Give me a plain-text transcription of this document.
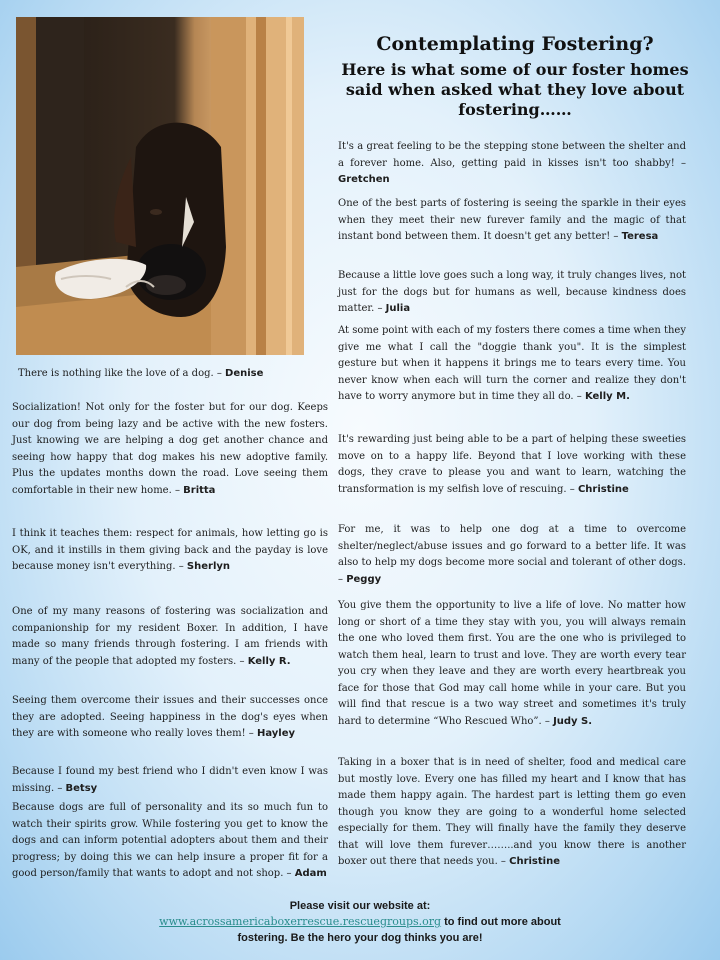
Contemplating Fostering?
Here is what some of our foster homes said when asked what they love about fostering……
There is nothing like the love of a dog. – Denise
Socialization! Not only for the foster but for our dog. Keeps our dog from being lazy and be active with the new fosters. Just knowing we are helping a dog get another chance and seeing how happy that dog makes his new adoptive family. Plus the updates months down the road. Love seeing them comfortable in their new home. – Britta
I think it teaches them: respect for animals, how letting go is OK, and it instills in them giving back and the payday is love because money isn't everything. – Sherlyn
One of my many reasons of fostering was socialization and companionship for my resident Boxer. In addition, I have made so many friends through fostering. I am friends with many of the people that adopted my fosters. – Kelly R.
Seeing them overcome their issues and their successes once they are adopted. Seeing happiness in the dog's eyes when they are with someone who really loves them! – Hayley
Because I found my best friend who I didn't even know I was missing. – Betsy
Because dogs are full of personality and its so much fun to watch their spirits grow. While fostering you get to know the dogs and can inform potential adopters about them and their progress; by doing this we can help insure a proper fit for a good person/family that wants to adopt and not shop. – Adam
It's a great feeling to be the stepping stone between the shelter and a forever home. Also, getting paid in kisses isn't too shabby! – Gretchen
One of the best parts of fostering is seeing the sparkle in their eyes when they meet their new furever family and the magic of that instant bond between them. It doesn't get any better! – Teresa
Because a little love goes such a long way, it truly changes lives, not just for the dogs but for humans as well, because kindness does matter. – Julia
At some point with each of my fosters there comes a time when they give me what I call the "doggie thank you". It is the simplest gesture but when it happens it brings me to tears every time. You never know when each will turn the corner and realize they don't have to worry anymore but in time they all do. – Kelly M.
It's rewarding just being able to be a part of helping these sweeties move on to a happy life. Beyond that I love working with these dogs, they crave to please you and want to learn, watching the transformation is my selfish love of rescuing. – Christine
For me, it was to help one dog at a time to overcome shelter/neglect/abuse issues and go forward to a better life. It was also to help my dogs become more social and tolerant of other dogs. – Peggy
You give them the opportunity to live a life of love. No matter how long or short of a time they stay with you, you will always remain the one who loved them first. You are the one who is privileged to watch them heal, learn to trust and love. They are worth every tear you cry when they leave and they are worth every heartbreak you face for those that God may call home while in your care. But you will find that rescue is a two way street and sometimes it's truly hard to determine “Who Rescued Who”. – Judy S.
Taking in a boxer that is in need of shelter, food and medical care but mostly love. Every one has filled my heart and I know that has made them happy again. The hardest part is letting them go even though you know they are going to a wonderful home selected especially for them. They will finally have the family they deserve that will love them furever……..and you know there is another boxer out there that needs you. – Christine
Please visit our website at:
www.acrossamericaboxerrescue.rescuegroups.org to find out more about
fostering. Be the hero your dog thinks you are!
